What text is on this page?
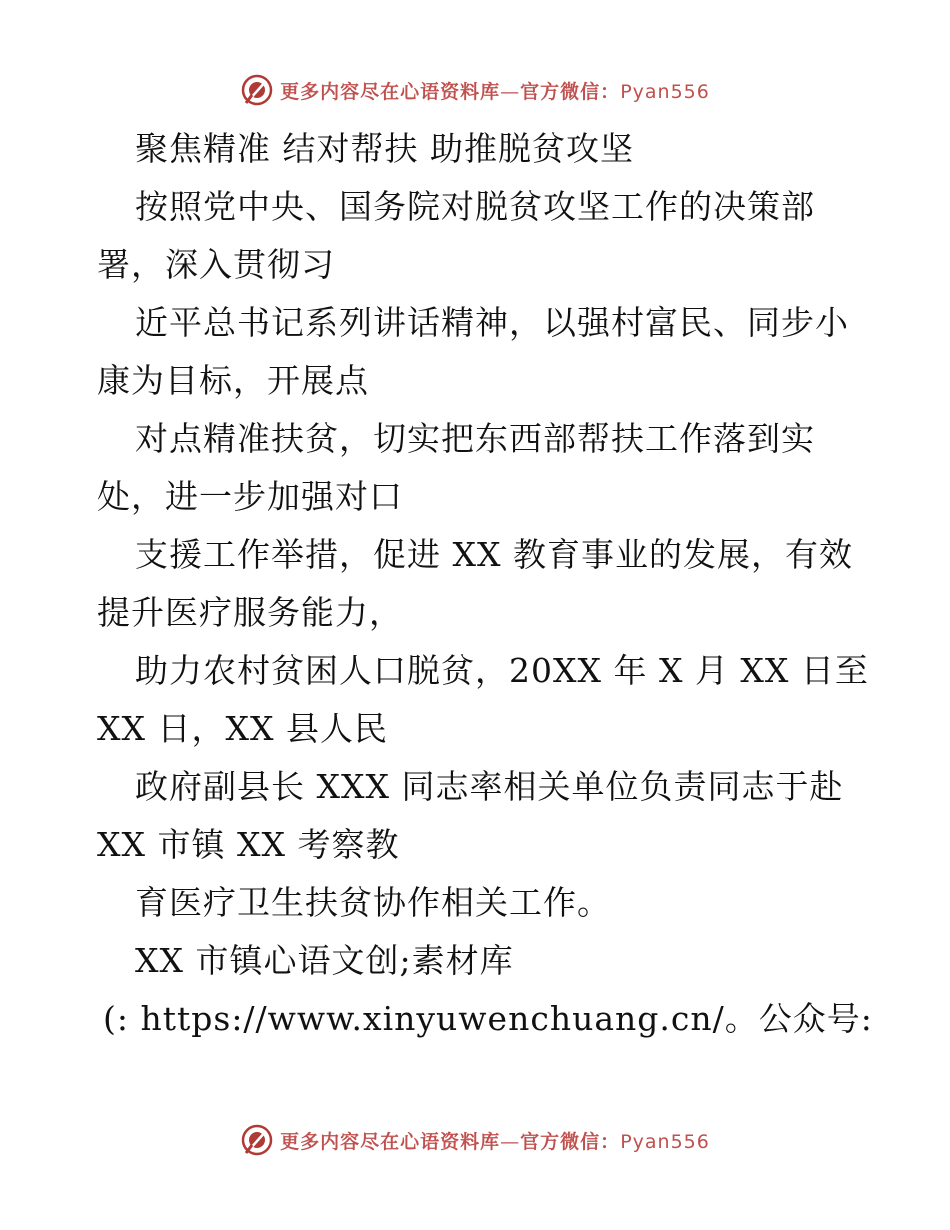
更多内容尽在心语资料库—官方微信：Pyan556
聚焦精准 结对帮扶 助推脱贫攻坚
按照党中央、国务院对脱贫攻坚工作的决策部
署，深入贯彻习
近平总书记系列讲话精神，以强村富民、同步小
康为目标，开展点
对点精准扶贫，切实把东西部帮扶工作落到实
处，进一步加强对口
支援工作举措，促进 XX 教育事业的发展，有效
提升医疗服务能力，
助力农村贫困人口脱贫，20XX 年 X 月 XX 日至
XX 日，XX 县人民
政府副县长 XXX 同志率相关单位负责同志于赴
XX 市镇 XX 考察教
育医疗卫生扶贫协作相关工作。
XX 市镇心语文创;素材库
(: https://www.xinyuwenchuang.cn/。公众号:
更多内容尽在心语资料库—官方微信：Pyan556
